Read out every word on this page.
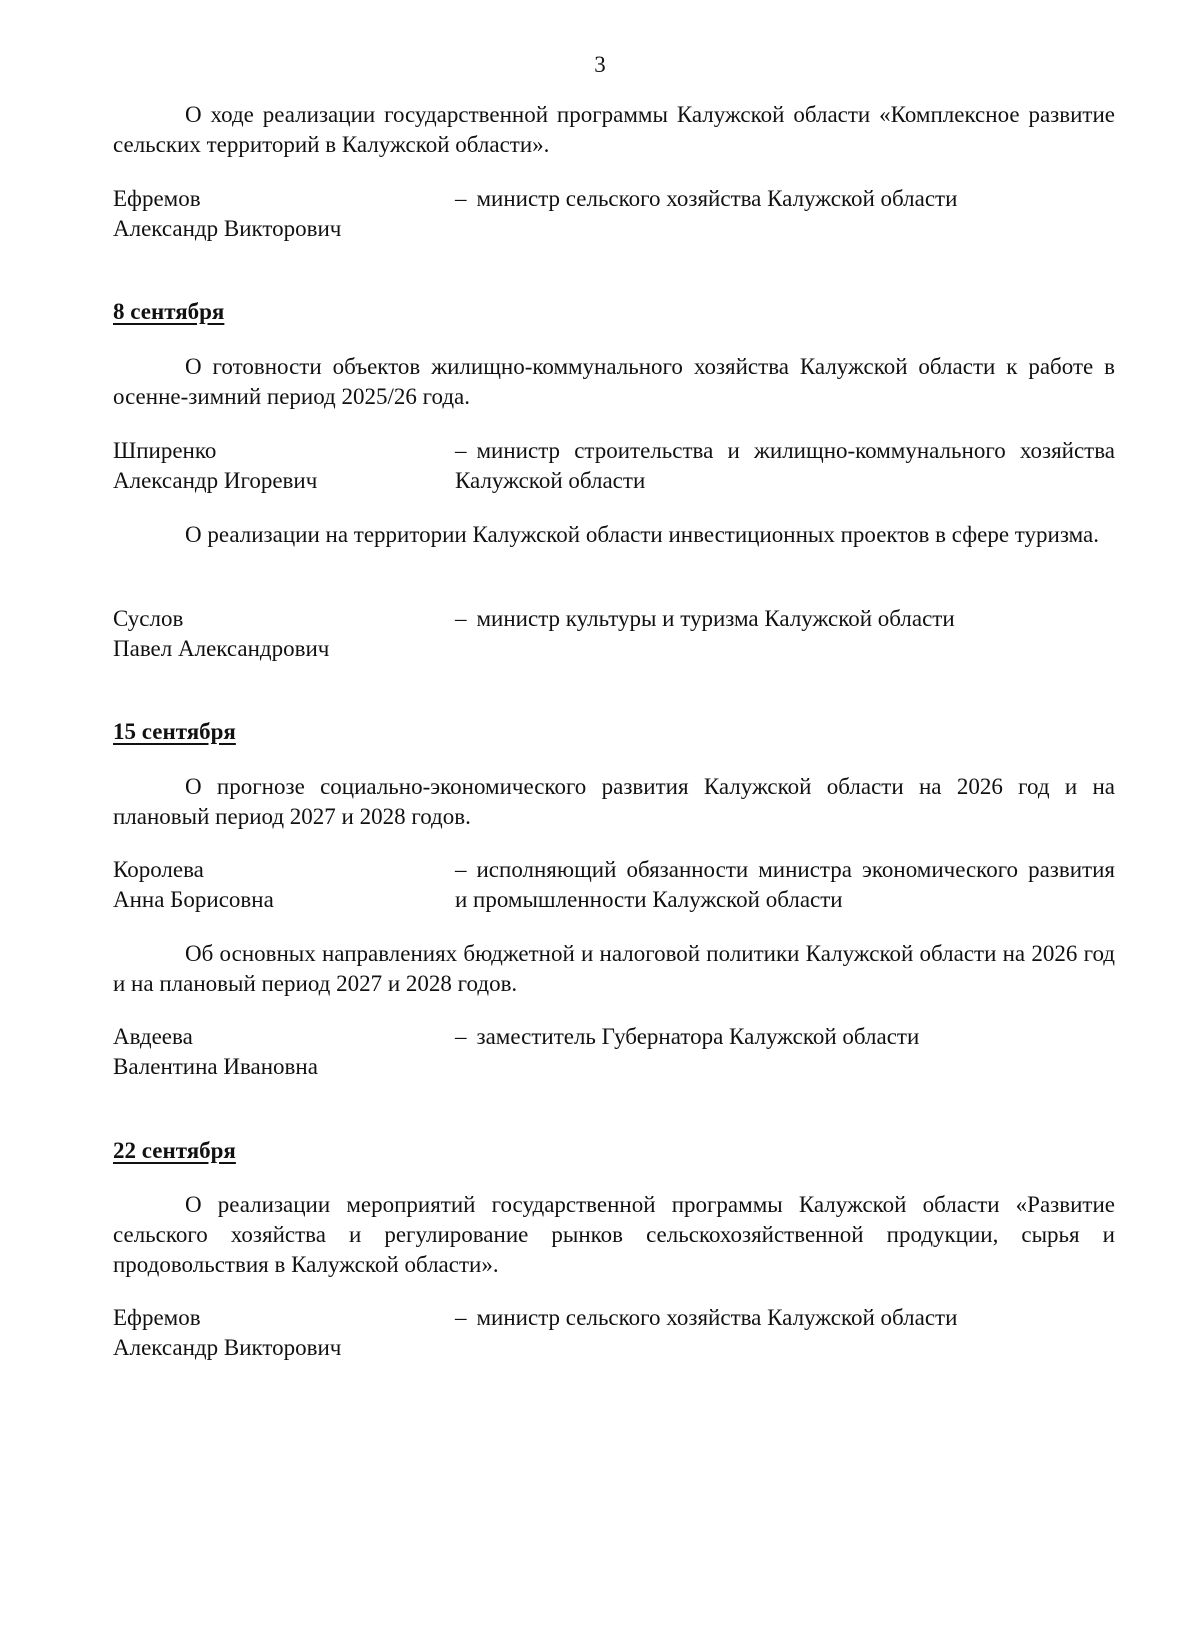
3
О ходе реализации государственной программы Калужской области «Комплексное развитие сельских территорий в Калужской области».
Ефремов
Александр Викторович
– министр сельского хозяйства Калужской области
8 сентября
О готовности объектов жилищно-коммунального хозяйства Калужской области к работе в осенне-зимний период 2025/26 года.
Шпиренко
Александр Игоревич
– министр строительства и жилищно-коммунального хозяйства Калужской области
О реализации на территории Калужской области инвестиционных проектов в сфере туризма.
Суслов
Павел Александрович
– министр культуры и туризма Калужской области
15 сентября
О прогнозе социально-экономического развития Калужской области на 2026 год и на плановый период 2027 и 2028 годов.
Королева
Анна Борисовна
– исполняющий обязанности министра экономического развития и промышленности Калужской области
Об основных направлениях бюджетной и налоговой политики Калужской области на 2026 год и на плановый период 2027 и 2028 годов.
Авдеева
Валентина Ивановна
– заместитель Губернатора Калужской области
22 сентября
О реализации мероприятий государственной программы Калужской области «Развитие сельского хозяйства и регулирование рынков сельскохозяйственной продукции, сырья и продовольствия в Калужской области».
Ефремов
Александр Викторович
– министр сельского хозяйства Калужской области
